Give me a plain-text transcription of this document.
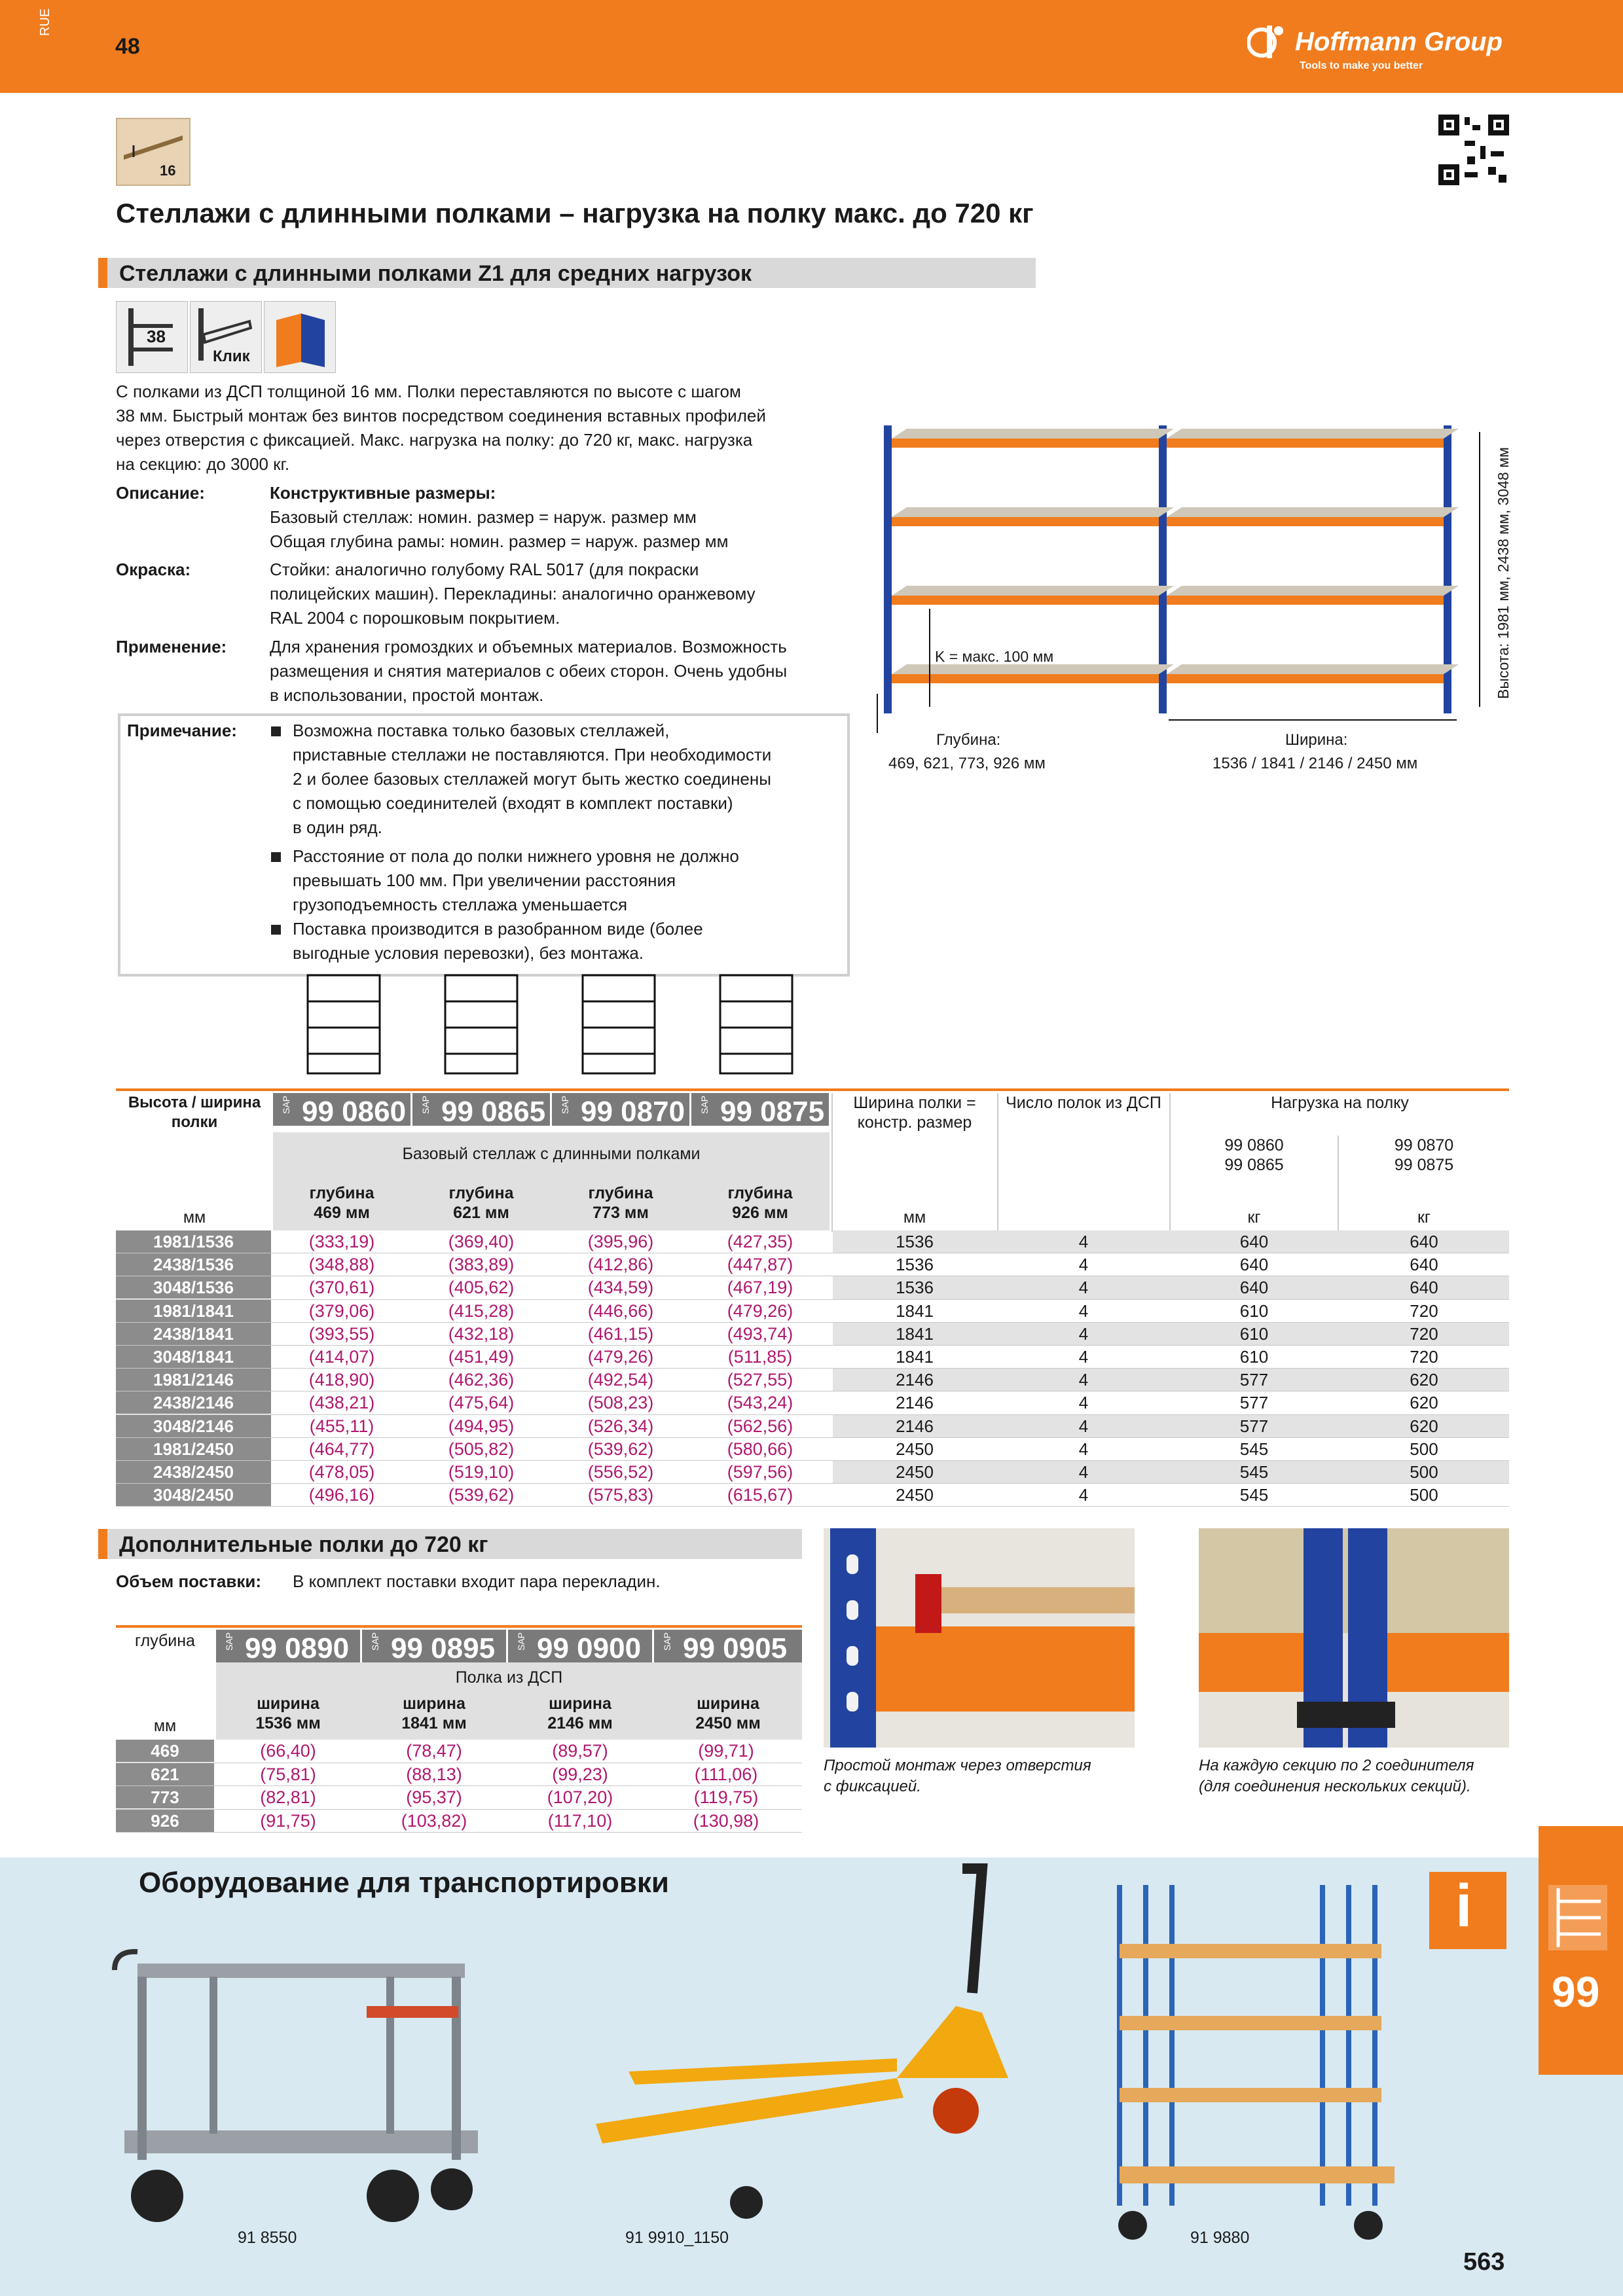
RUE
48	Hoffmann Group
Tools to make you better
16
Стеллажи с длинными полками – нагрузка на полку макс. до 720 кг
Стеллажи с длинными полками Z1 для средних нагрузок
38
Клик
С полками из ДСП толщиной 16 мм. Полки переставляются по высоте с шагом
38 мм. Быстрый монтаж без винтов посредством соединения вставных профилей
через отверстия с фиксацией. Макс. нагрузка на полку: до 720 кг, макс. нагрузка
на секцию: до 3000 кг.
Описание:	Конструктивные размеры:
Базовый стеллаж: номин. размер = наруж. размер мм
Общая глубина рамы: номин. размер = наруж. размер мм
Окраска:	Стойки: аналогично голубому RAL 5017 (для покраски
полицейских машин). Перекладины: аналогично оранжевому
RAL 2004 с порошковым покрытием.
Применение:	Для хранения громоздких и объемных материалов. Возможность
размещения и снятия материалов с обеих сторон. Очень удобны
в использовании, простой монтаж.
Примечание:	Возможна поставка только базовых стеллажей,
приставные стеллажи не поставляются. При необходимости
2 и более базовых стеллажей могут быть жестко соединены
с помощью соединителей (входят в комплект поставки)
в один ряд.
Расстояние от пола до полки нижнего уровня не должно
превышать 100 мм. При увеличении расстояния
грузоподъемность стеллажа уменьшается
Поставка производится в разобранном виде (более
выгодные условия перевозки), без монтажа.
K = макс. 100 мм
Глубина:
469, 621, 773, 926 мм
Ширина:
1536 / 1841 / 2146 / 2450 мм
Высота: 1981 мм, 2438 мм, 3048 мм
Высота / ширина полки
SAP 99 0860 SAP 99 0865 SAP 99 0870 SAP 99 0875
Базовый стеллаж с длинными полками
глубина
469 мм
глубина
621 мм
глубина
773 мм
глубина
926 мм
мм
Ширина полки = констр. размер
мм
Число полок из ДСП	Нагрузка на полку
99 0860
99 0865
99 0870
99 0875
кг	кг
1981/1536	(333,19)	(369,40)	(395,96)	(427,35)	1536	4	640	640
2438/1536	(348,88)	(383,89)	(412,86)	(447,87)	1536	4	640	640
3048/1536	(370,61)	(405,62)	(434,59)	(467,19)	1536	4	640	640
1981/1841	(379,06)	(415,28)	(446,66)	(479,26)	1841	4	610	720
2438/1841	(393,55)	(432,18)	(461,15)	(493,74)	1841	4	610	720
3048/1841	(414,07)	(451,49)	(479,26)	(511,85)	1841	4	610	720
1981/2146	(418,90)	(462,36)	(492,54)	(527,55)	2146	4	577	620
2438/2146	(438,21)	(475,64)	(508,23)	(543,24)	2146	4	577	620
3048/2146	(455,11)	(494,95)	(526,34)	(562,56)	2146	4	577	620
1981/2450	(464,77)	(505,82)	(539,62)	(580,66)	2450	4	545	500
2438/2450	(478,05)	(519,10)	(556,52)	(597,56)	2450	4	545	500
3048/2450	(496,16)	(539,62)	(575,83)	(615,67)	2450	4	545	500
Дополнительные полки до 720 кг
Объем поставки: В комплект поставки входит пара перекладин.
глубина	SAP 99 0890 SAP 99 0895 SAP 99 0900 SAP 99 0905
Полка из ДСП
ширина
1536 мм
ширина
1841 мм
ширина
2146 мм
ширина
2450 мм
мм
469	(66,40)	(78,47)	(89,57)	(99,71)
621	(75,81)	(88,13)	(99,23)	(111,06)
773	(82,81)	(95,37)	(107,20)	(119,75)
926	(91,75)	(103,82)	(117,10)	(130,98)
Простой монтаж через отверстия
с фиксацией.
На каждую секцию по 2 соединителя
(для соединения нескольких секций).
Оборудование для транспортировки
99
i
91 8550	91 9910_1150	91 9880
563
